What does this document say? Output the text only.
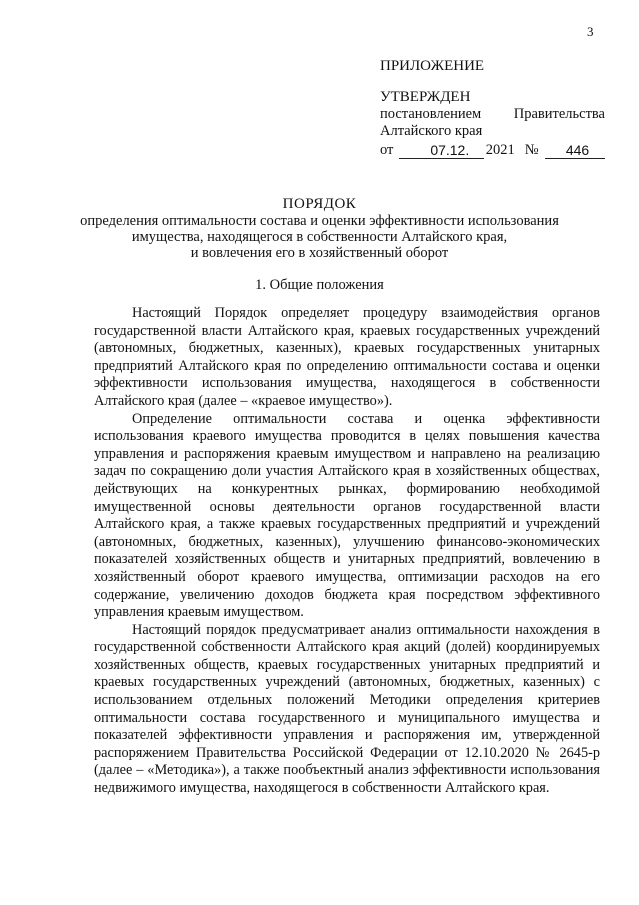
3
ПРИЛОЖЕНИЕ
УТВЕРЖДЕН
постановлением Правительства
Алтайского края
от	07.12.	2021 №	446
ПОРЯДОК
определения оптимальности состава и оценки эффективности использования
имущества, находящегося в собственности Алтайского края,
и вовлечения его в хозяйственный оборот
1. Общие положения

Настоящий Порядок определяет процедуру взаимодействия органов государственной власти Алтайского края, краевых государственных учреждений (автономных, бюджетных, казенных), краевых государственных унитарных предприятий Алтайского края по определению оптимальности состава и оценки эффективности использования имущества, находящегося в собственности Алтайского края (далее – «краевое имущество»).

Определение оптимальности состава и оценка эффективности использования краевого имущества проводится в целях повышения качества управления и распоряжения краевым имуществом и направлено на реализацию задач по сокращению доли участия Алтайского края в хозяйственных обществах, действующих на конкурентных рынках, формированию необходимой имущественной основы деятельности органов государственной власти Алтайского края, а также краевых государственных предприятий и учреждений (автономных, бюджетных, казенных), улучшению финансово-экономических показателей хозяйственных обществ и унитарных предприятий, вовлечению в хозяйственный оборот краевого имущества, оптимизации расходов на его содержание, увеличению доходов бюджета края посредством эффективного управления краевым имуществом.

Настоящий порядок предусматривает анализ оптимальности нахождения в государственной собственности Алтайского края акций (долей) координируемых хозяйственных обществ, краевых государственных унитарных предприятий и краевых государственных учреждений (автономных, бюджетных, казенных) с использованием отдельных положений Методики определения критериев оптимальности состава государственного и муниципального имущества и показателей эффективности управления и распоряжения им, утвержденной распоряжением Правительства Российской Федерации от 12.10.2020 № 2645-р (далее – «Методика»), а также пообъектный анализ эффективности использования недвижимого имущества, находящегося в собственности Алтайского края.
